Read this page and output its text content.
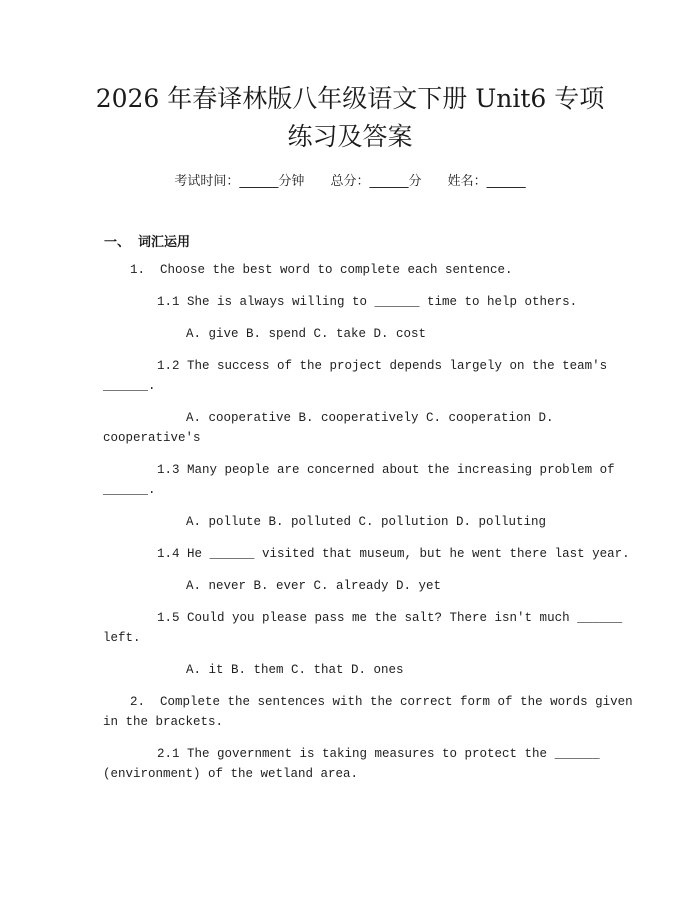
2026 年春译林版八年级语文下册 Unit6 专项
练习及答案
考试时间：______分钟 总分：______分 姓名：______
一、 词汇运用
1.  Choose the best word to complete each sentence.
1.1 She is always willing to ______ time to help others.
A. give B. spend C. take D. cost
1.2 The success of the project depends largely on the team's
______.
A. cooperative B. cooperatively C. cooperation D.
cooperative's
1.3 Many people are concerned about the increasing problem of
______.
A. pollute B. polluted C. pollution D. polluting
1.4 He ______ visited that museum, but he went there last year.
A. never B. ever C. already D. yet
1.5 Could you please pass me the salt? There isn't much ______
left.
A. it B. them C. that D. ones
2.  Complete the sentences with the correct form of the words given
in the brackets.
2.1 The government is taking measures to protect the ______
(environment) of the wetland area.
